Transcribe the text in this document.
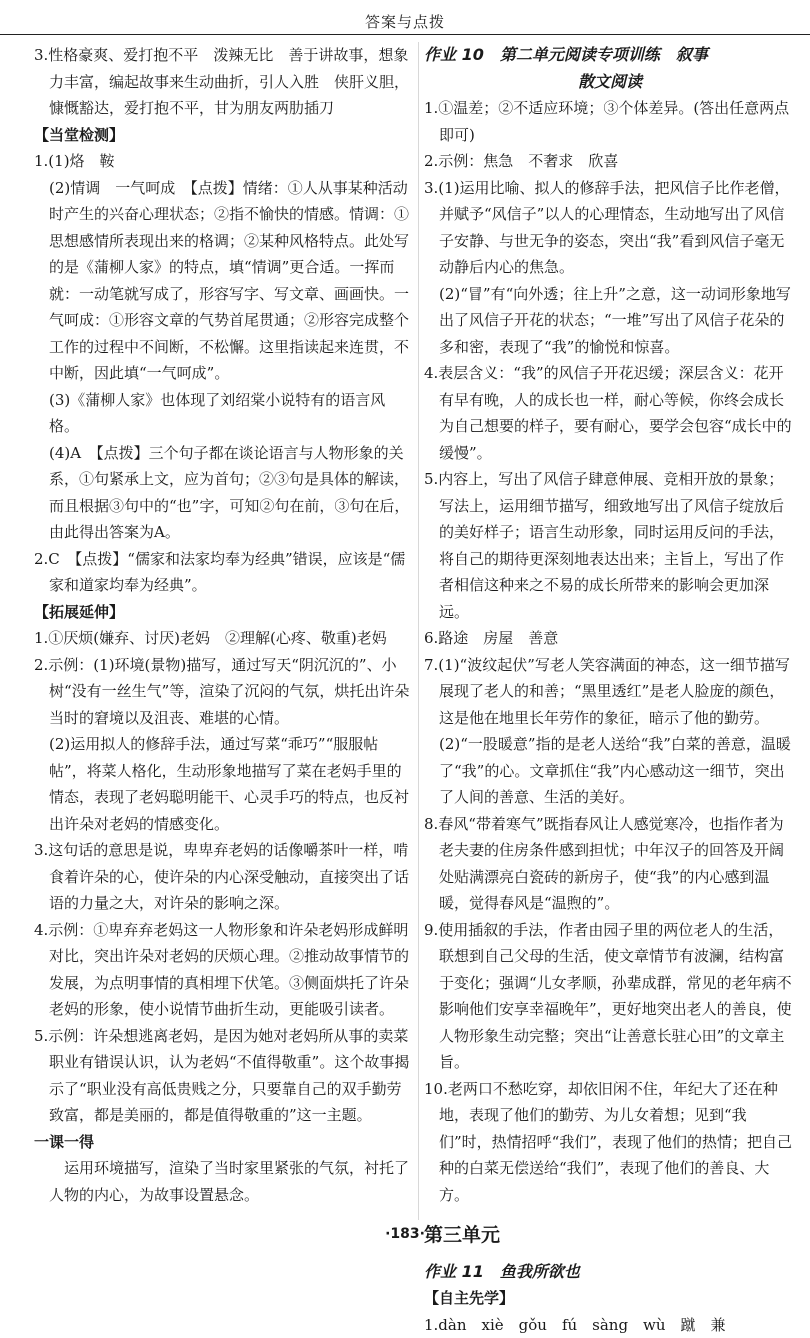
答案与点拨

3.性格豪爽、爱打抱不平　泼辣无比　善于讲故事，想象力丰富，编起故事来生动曲折，引人入胜　侠肝义胆，慷慨豁达，爱打抱不平，甘为朋友两肋插刀

【当堂检测】

1.(1)烙　鞍

(2)情调　一气呵成　【点拨】情绪：①人从事某种活动时产生的兴奋心理状态；②指不愉快的情感。情调：①思想感情所表现出来的格调；②某种风格特点。此处写的是《蒲柳人家》的特点，填“情调”更合适。一挥而就：一动笔就写成了，形容写字、写文章、画画快。一气呵成：①形容文章的气势首尾贯通；②形容完成整个工作的过程中不间断，不松懈。这里指读起来连贯，不中断，因此填“一气呵成”。

(3)《蒲柳人家》也体现了刘绍棠小说特有的语言风格。

(4)A　【点拨】三个句子都在谈论语言与人物形象的关系，①句紧承上文，应为首句；②③句是具体的解读，而且根据③句中的“也”字，可知②句在前，③句在后，由此得出答案为A。

2.C　【点拨】“儒家和法家均奉为经典”错误，应该是“儒家和道家均奉为经典”。

【拓展延伸】

1.①厌烦(嫌弃、讨厌)老妈　②理解(心疼、敬重)老妈

2.示例：(1)环境(景物)描写，通过写天“阴沉沉的”、小树“没有一丝生气”等，渲染了沉闷的气氛，烘托出许朵当时的窘境以及沮丧、难堪的心情。

(2)运用拟人的修辞手法，通过写菜“乖巧”“服服帖帖”，将菜人格化，生动形象地描写了菜在老妈手里的情态，表现了老妈聪明能干、心灵手巧的特点，也反衬出许朵对老妈的情感变化。

3.这句话的意思是说，卑卑弃老妈的话像嚼茶叶一样，啃食着许朵的心，使许朵的内心深受触动，直接突出了话语的力量之大，对许朵的影响之深。

4.示例：①卑弃弃老妈这一人物形象和许朵老妈形成鲜明对比，突出许朵对老妈的厌烦心理。②推动故事情节的发展，为点明事情的真相埋下伏笔。③侧面烘托了许朵老妈的形象，使小说情节曲折生动，更能吸引读者。

5.示例：许朵想逃离老妈，是因为她对老妈所从事的卖菜职业有错误认识，认为老妈“不值得敬重”。这个故事揭示了“职业没有高低贵贱之分，只要靠自己的双手勤劳致富，都是美丽的，都是值得敬重的”这一主题。

一课一得

　运用环境描写，渲染了当时家里紧张的气氛，衬托了人物的内心，为故事设置悬念。

作业 10　第二单元阅读专项训练　叙事

散文阅读

1.①温差；②不适应环境；③个体差异。(答出任意两点即可)

2.示例：焦急　不奢求　欣喜

3.(1)运用比喻、拟人的修辞手法，把风信子比作老僧，并赋予“风信子”以人的心理情态，生动地写出了风信子安静、与世无争的姿态，突出“我”看到风信子毫无动静后内心的焦急。

(2)“冒”有“向外透；往上升”之意，这一动词形象地写出了风信子开花的状态；“一堆”写出了风信子花朵的多和密，表现了“我”的愉悦和惊喜。

4.表层含义：“我”的风信子开花迟缓；深层含义：花开有早有晚，人的成长也一样，耐心等候，你终会成长为自己想要的样子，要有耐心，要学会包容“成长中的缓慢”。

5.内容上，写出了风信子肆意伸展、竞相开放的景象；写法上，运用细节描写，细致地写出了风信子绽放后的美好样子；语言生动形象，同时运用反问的手法，将自己的期待更深刻地表达出来；主旨上，写出了作者相信这种来之不易的成长所带来的影响会更加深远。

6.路途　房屋　善意

7.(1)“波纹起伏”写老人笑容满面的神态，这一细节描写展现了老人的和善；“黑里透红”是老人脸庞的颜色，这是他在地里长年劳作的象征，暗示了他的勤劳。

(2)“一股暖意”指的是老人送给“我”白菜的善意，温暖了“我”的心。文章抓住“我”内心感动这一细节，突出了人间的善意、生活的美好。

8.春风“带着寒气”既指春风让人感觉寒冷，也指作者为老夫妻的住房条件感到担忧；中年汉子的回答及开阔处贴满漂亮白瓷砖的新房子，使“我”的内心感到温暖，觉得春风是“温煦的”。

9.使用插叙的手法，作者由园子里的两位老人的生活，联想到自己父母的生活，使文章情节有波澜，结构富于变化；强调“儿女孝顺，孙辈成群，常见的老年病不影响他们安享幸福晚年”，更好地突出老人的善良，使人物形象生动完整；突出“让善意长驻心田”的文章主旨。

10.老两口不愁吃穿，却依旧闲不住，年纪大了还在种地，表现了他们的勤劳、为儿女着想；见到“我们”时，热情招呼“我们”，表现了他们的热情；把自己种的白菜无偿送给“我们”，表现了他们的善良、大方。

第三单元

作业 11　鱼我所欲也

【自主先学】

1.dàn　xiè　gǒu　fú　sàng　wù　蹴　兼

·183·
